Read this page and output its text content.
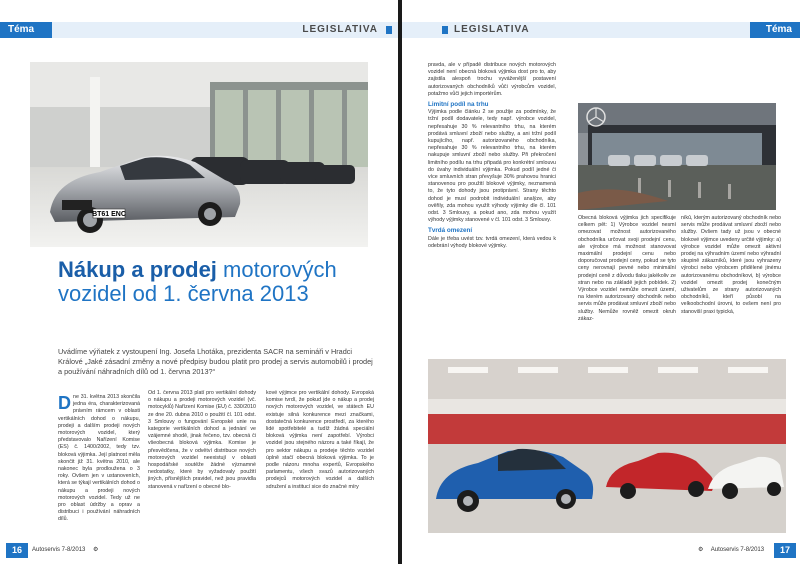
Téma	LEGISLATIVA
BT61 ENC
Nákup a prodej motorových vozidel od 1. června 2013
Uvádíme výňatek z vystoupení Ing. Josefa Lhotáka, prezidenta SACR na semináři v Hradci Králové „Jaké zásadní změny a nové předpisy budou platit pro prodej a servis automobilů i prodej a používání náhradních dílů od 1. června 2013?“
Dne 31. května 2013 skončila jedna éra, charakterizovaná právním rámcem v oblasti vertikálních dohod o nákupu, prodeji a dalším prodeji nových motorových vozidel, který představovalo Nařízení Komise (ES) č. 1400/2002, tedy tzv. bloková výjimka. Její platnost měla skončit již 31. května 2010, ale nakonec byla prodloužena o 3 roky. Ovšem jen v ustanoveních, která se týkají vertikálních dohod o nákupu a prodeji nových motorových vozidel. Tedy už ne pro oblast údržby a oprav a distribuci i používání náhradních dílů.
Od 1. června 2013 platí pro vertikální dohody o nákupu a prodeji motorových vozidel (vč. motocyklů) Nařízení Komise (EU) č. 330/2010 ze dne 20. dubna 2010 o použití čl. 101 odst. 3 Smlouvy o fungování Evropské unie na kategorie vertikálních dohod a jednání ve vzájemné shodě, jinak řečeno, tzv. obecná či všeobecná bloková výjimka. Komise je přesvědčena, že v odvětví distribuce nových motorových vozidel neexistují v oblasti hospodářské soutěže žádné významné nedostatky, které by vyžadovaly použití jiných, přísnějších pravidel, než jsou pravidla stanovená v nařízení o obecné blo-
kové výjimce pro vertikální dohody. Evropská komise tvrdí, že pokud jde o nákup a prodej nových motorových vozidel, ve státech EU existuje silná konkurence mezi značkami, dostatečná konkurence prostředí, za kterého lidé spotřebitelé a tudíž žádná speciální bloková výjimka není zapotřebí. Výrobci vozidel jsou stejného názoru a také říkají, že pro sektor nákupu a prodeje těchto vozidel úplně stačí obecná bloková výjimka. To je podle názoru mnoha expertů, Evropského parlamentu, všech svazů autorizovaných prodejců motorových vozidel a dalších sdružení a institucí sice do značné míry
16	Autoservis 7-8/2013 ⚙
Téma
LEGISLATIVA

pravda, ale v případě distribuce nových motorových vozidel není obecná bloková výjimka dost pro to, aby zajistila alespoň trochu vyváženější postavení autorizovaných obchodníků vůči výrobcům vozidel, potažmo vůči jejich importérům.

Limitní podíl na trhu

Výjimka podle článku 2 se použije za podmínky, že tržní podíl dodavatele, tedy např. výrobce vozidel, nepřesahuje 30 % relevantního trhu, na kterém prodává smluvní zboží nebo služby, a ani tržní podíl kupujícího, např. autorizovaného obchodníka, nepřesahuje 30 % relevantního trhu, na kterém nakupuje smluvní zboží nebo služby. Při překročení limitního podílu na trhu připadá pro konkrétní smlouvu do úvahy individuální výjimka. Pokud podíl jedné či více smluvních stran převyšuje 30% prahovou hranici stanovenou pro použití blokové výjimky, neznamená to, že tyto dohody jsou protiprávní. Strany těchto dohod je musí podrobit individuální analýze, aby ověřily, zda mohou využít výhody výjimky dle čl. 101 odst. 3 Smlouvy, a pokud ano, zda mohou využít výhody výjimky stanovené v čl. 101 odst. 3 Smlouvy.

Tvrdá omezení

Dále je třeba uvést tzv. tvrdá omezení, která vedou k odebrání výhody blokové výjimky.

Obecná bloková výjimka jich specifikuje celkem pět: 1) Výrobce vozidel nesmí omezovat možnost autorizovaného obchodníka určovat svoji prodejní cenu, ale výrobce má možnost stanovovat maximální prodejní cenu nebo doporučovat prodejní ceny, pokud se tyto ceny nerovnají pevné nebo minimální prodejní ceně z důvodu tlaku jakékoliv ze stran nebo na základě jejich pobídek. 2) Výrobce vozidel nemůže omezit území, na kterém autorizovaný obchodník nebo servis může prodávat smluvní zboží nebo služby. Nemůže rovněž omezit okruh zákaz-
níků, kterým autorizovaný obchodník nebo servis může prodávat smluvní zboží nebo služby. Ovšem tady už jsou v obecné blokové výjimce uvedeny určité výjimky: a) výrobce vozidel může omezit aktivní prodej na výhradním území nebo výhradní skupině zákazníků, které jsou vyhrazeny výrobci nebo výrobcem přidělené jinému autorizovanému obchodníkovi, b) výrobce vozidel omezit prodej konečným uživatelům ze strany autorizovaných obchodníků, kteří působí na velkoobchodní úrovni, to ovšem není pro stanoviší praxi typická,
⚙ Autoservis 7-8/2013	17
